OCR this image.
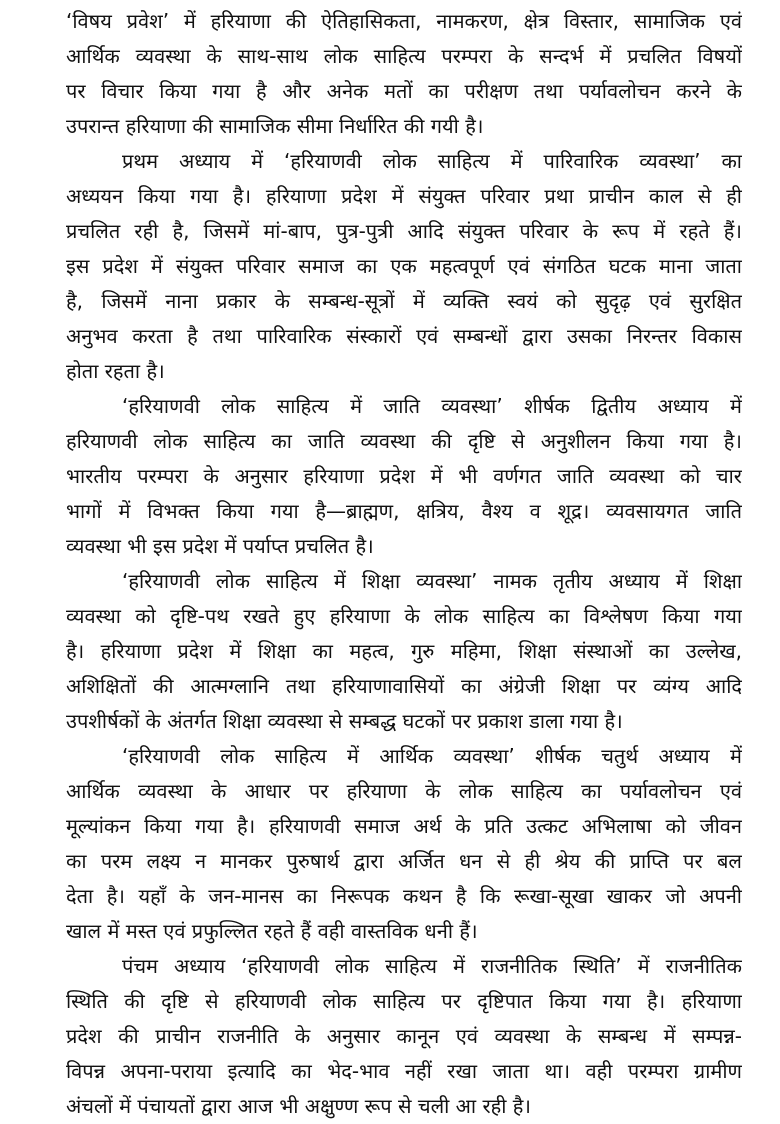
‘विषय प्रवेश’ में हरियाणा की ऐतिहासिकता, नामकरण, क्षेत्र विस्तार, सामाजिक एवं
आर्थिक व्यवस्था के साथ-साथ लोक साहित्य परम्परा के सन्दर्भ में प्रचलित विषयों
पर विचार किया गया है और अनेक मतों का परीक्षण तथा पर्यावलोचन करने के
उपरान्त हरियाणा की सामाजिक सीमा निर्धारित की गयी है।
प्रथम अध्याय में ‘हरियाणवी लोक साहित्य में पारिवारिक व्यवस्था’ का
अध्ययन किया गया है। हरियाणा प्रदेश में संयुक्त परिवार प्रथा प्राचीन काल से ही
प्रचलित रही है, जिसमें मां-बाप, पुत्र-पुत्री आदि संयुक्त परिवार के रूप में रहते हैं।
इस प्रदेश में संयुक्त परिवार समाज का एक महत्वपूर्ण एवं संगठित घटक माना जाता
है, जिसमें नाना प्रकार के सम्बन्ध-सूत्रों में व्यक्ति स्वयं को सुदृढ़ एवं सुरक्षित
अनुभव करता है तथा पारिवारिक संस्कारों एवं सम्बन्धों द्वारा उसका निरन्तर विकास
होता रहता है।
‘हरियाणवी लोक साहित्य में जाति व्यवस्था’ शीर्षक द्वितीय अध्याय में
हरियाणवी लोक साहित्य का जाति व्यवस्था की दृष्टि से अनुशीलन किया गया है।
भारतीय परम्परा के अनुसार हरियाणा प्रदेश में भी वर्णगत जाति व्यवस्था को चार
भागों में विभक्त किया गया है—ब्राह्मण, क्षत्रिय, वैश्य व शूद्र। व्यवसायगत जाति
व्यवस्था भी इस प्रदेश में पर्याप्त प्रचलित है।
‘हरियाणवी लोक साहित्य में शिक्षा व्यवस्था’ नामक तृतीय अध्याय में शिक्षा
व्यवस्था को दृष्टि-पथ रखते हुए हरियाणा के लोक साहित्य का विश्लेषण किया गया
है। हरियाणा प्रदेश में शिक्षा का महत्व, गुरु महिमा, शिक्षा संस्थाओं का उल्लेख,
अशिक्षितों की आत्मग्लानि तथा हरियाणावासियों का अंग्रेजी शिक्षा पर व्यंग्य आदि
उपशीर्षकों के अंतर्गत शिक्षा व्यवस्था से सम्बद्ध घटकों पर प्रकाश डाला गया है।
‘हरियाणवी लोक साहित्य में आर्थिक व्यवस्था’ शीर्षक चतुर्थ अध्याय में
आर्थिक व्यवस्था के आधार पर हरियाणा के लोक साहित्य का पर्यावलोचन एवं
मूल्यांकन किया गया है। हरियाणवी समाज अर्थ के प्रति उत्कट अभिलाषा को जीवन
का परम लक्ष्य न मानकर पुरुषार्थ द्वारा अर्जित धन से ही श्रेय की प्राप्ति पर बल
देता है। यहाँ के जन-मानस का निरूपक कथन है कि रूखा-सूखा खाकर जो अपनी
खाल में मस्त एवं प्रफुल्लित रहते हैं वही वास्तविक धनी हैं।
पंचम अध्याय ‘हरियाणवी लोक साहित्य में राजनीतिक स्थिति’ में राजनीतिक
स्थिति की दृष्टि से हरियाणवी लोक साहित्य पर दृष्टिपात किया गया है। हरियाणा
प्रदेश की प्राचीन राजनीति के अनुसार कानून एवं व्यवस्था के सम्बन्ध में सम्पन्न-
विपन्न अपना-पराया इत्यादि का भेद-भाव नहीं रखा जाता था। वही परम्परा ग्रामीण
अंचलों में पंचायतों द्वारा आज भी अक्षुण्ण रूप से चली आ रही है।
